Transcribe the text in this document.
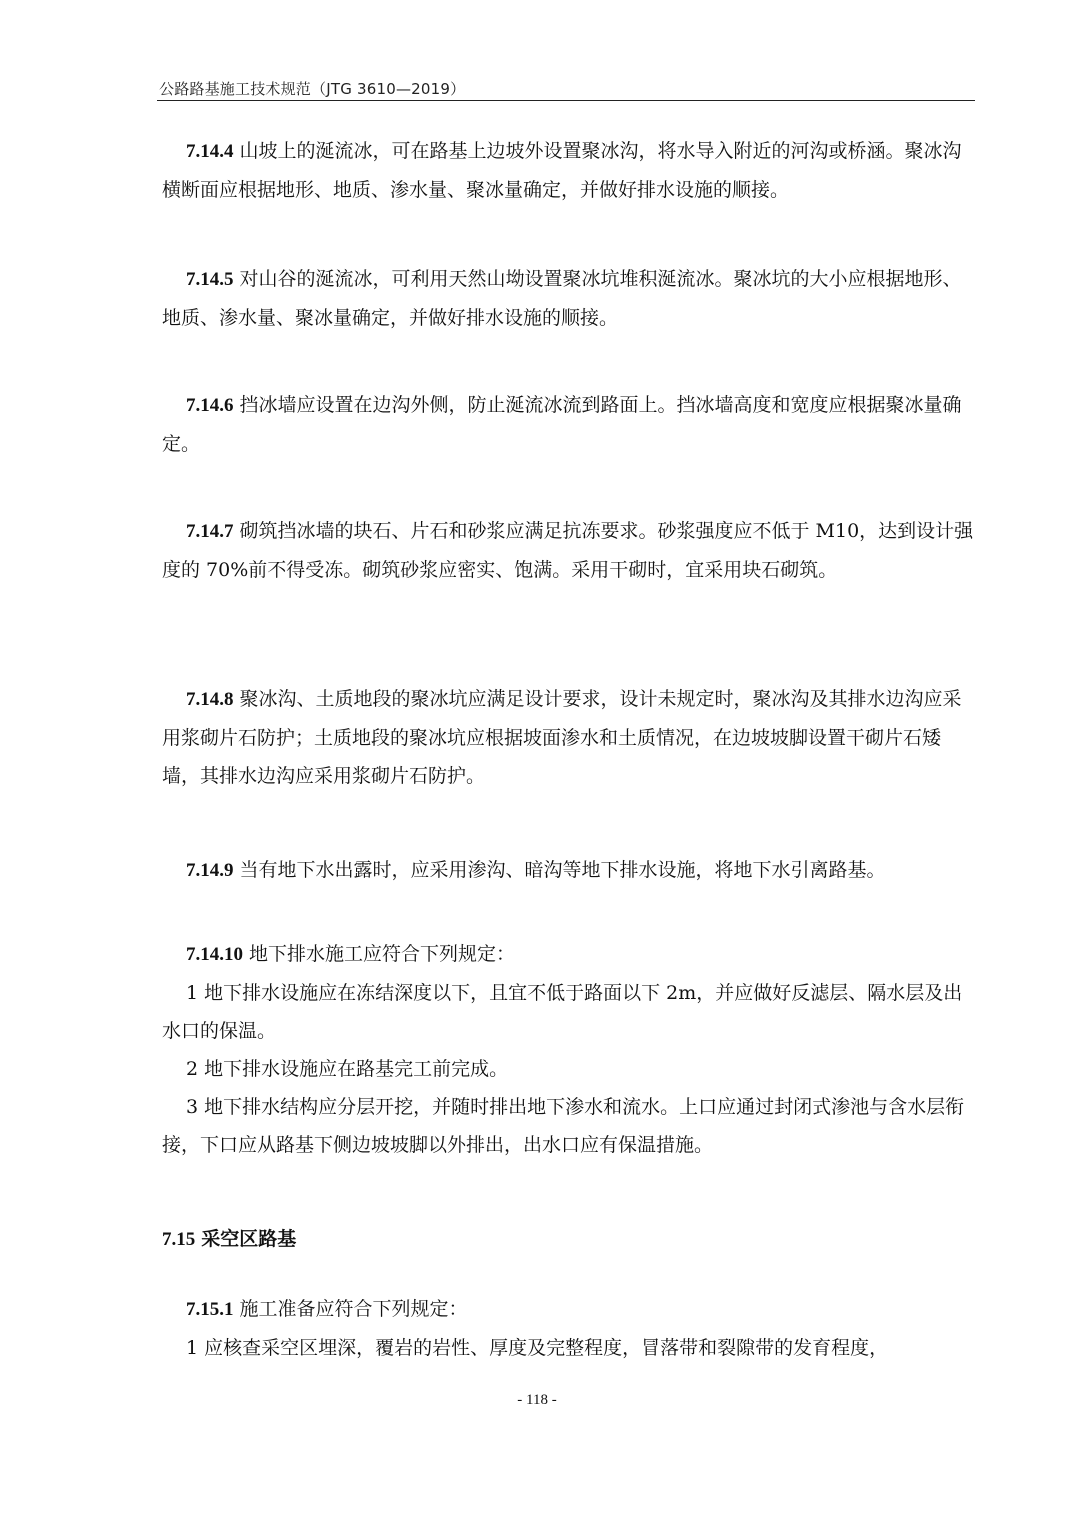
公路路基施工技术规范（JTG 3610—2019）

7.14.4 山坡上的涎流冰，可在路基上边坡外设置聚冰沟，将水导入附近的河沟或桥涵。聚冰沟横断面应根据地形、地质、渗水量、聚冰量确定，并做好排水设施的顺接。

7.14.5 对山谷的涎流冰，可利用天然山坳设置聚冰坑堆积涎流冰。聚冰坑的大小应根据地形、地质、渗水量、聚冰量确定，并做好排水设施的顺接。

7.14.6 挡冰墙应设置在边沟外侧，防止涎流冰流到路面上。挡冰墙高度和宽度应根据聚冰量确定。

7.14.7 砌筑挡冰墙的块石、片石和砂浆应满足抗冻要求。砂浆强度应不低于 M10，达到设计强度的 70%前不得受冻。砌筑砂浆应密实、饱满。采用干砌时，宜采用块石砌筑。

7.14.8 聚冰沟、土质地段的聚冰坑应满足设计要求，设计未规定时，聚冰沟及其排水边沟应采用浆砌片石防护；土质地段的聚冰坑应根据坡面渗水和土质情况，在边坡坡脚设置干砌片石矮墙，其排水边沟应采用浆砌片石防护。

7.14.9 当有地下水出露时，应采用渗沟、暗沟等地下排水设施，将地下水引离路基。

7.14.10 地下排水施工应符合下列规定：

1 地下排水设施应在冻结深度以下，且宜不低于路面以下 2m，并应做好反滤层、隔水层及出水口的保温。

2 地下排水设施应在路基完工前完成。

3 地下排水结构应分层开挖，并随时排出地下渗水和流水。上口应通过封闭式渗池与含水层衔接，下口应从路基下侧边坡坡脚以外排出，出水口应有保温措施。

7.15 采空区路基

7.15.1 施工准备应符合下列规定：

1 应核查采空区埋深，覆岩的岩性、厚度及完整程度，冒落带和裂隙带的发育程度，

- 118 -
